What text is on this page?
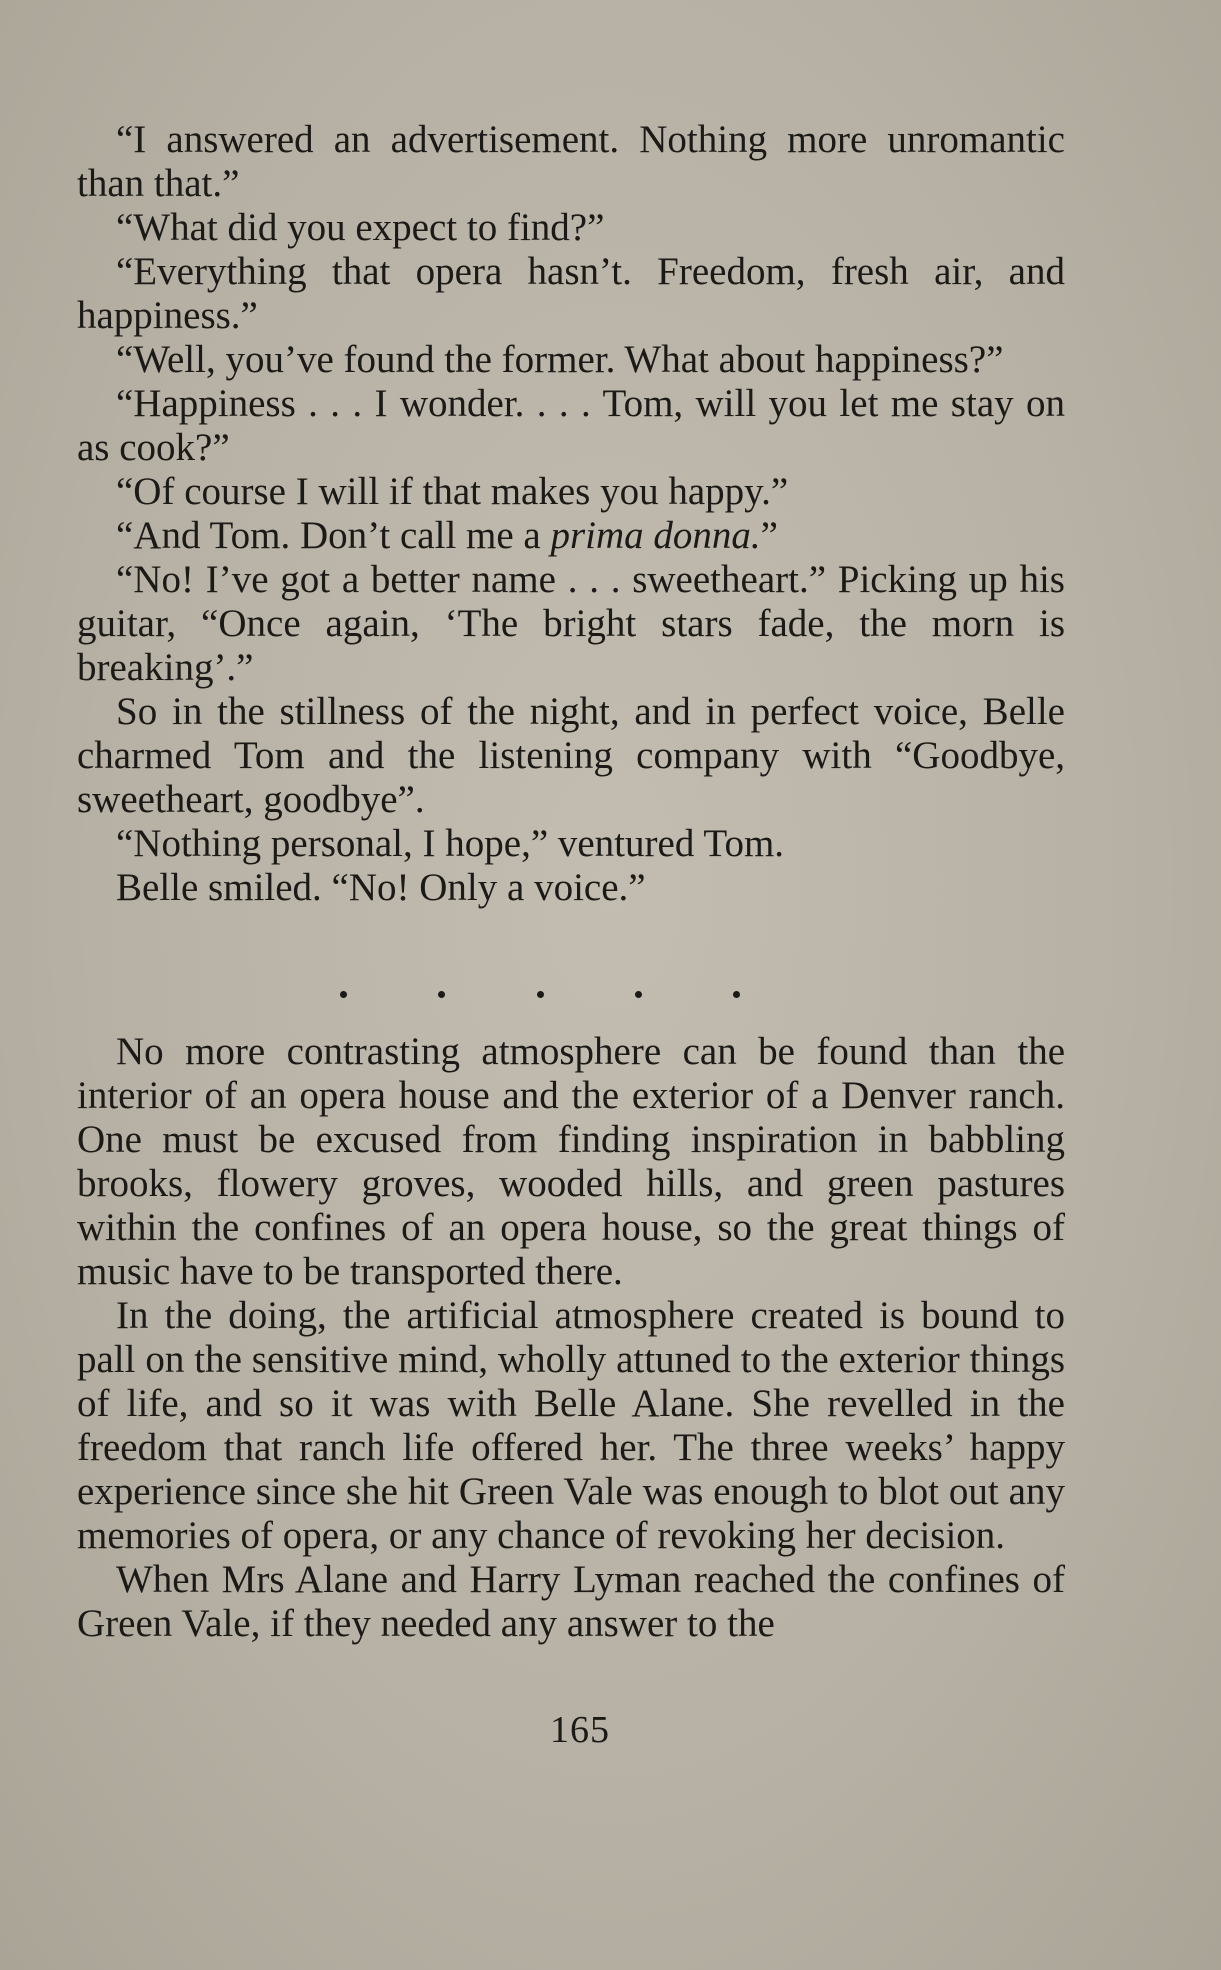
“I answered an advertisement. Nothing more unromantic than that.”

“What did you expect to find?”

“Everything that opera hasn’t. Freedom, fresh air, and happiness.”

“Well, you’ve found the former. What about happiness?”

“Happiness . . . I wonder. . . . Tom, will you let me stay on as cook?”

“Of course I will if that makes you happy.”

“And Tom. Don’t call me a prima donna.”

“No! I’ve got a better name . . . sweetheart.” Picking up his guitar, “Once again, ‘The bright stars fade, the morn is breaking’.”

So in the stillness of the night, and in perfect voice, Belle charmed Tom and the listening company with “Goodbye, sweetheart, goodbye”.

“Nothing personal, I hope,” ventured Tom.

Belle smiled. “No! Only a voice.”

No more contrasting atmosphere can be found than the interior of an opera house and the exterior of a Denver ranch. One must be excused from finding inspiration in babbling brooks, flowery groves, wooded hills, and green pastures within the confines of an opera house, so the great things of music have to be transported there.

In the doing, the artificial atmosphere created is bound to pall on the sensitive mind, wholly attuned to the exterior things of life, and so it was with Belle Alane. She revelled in the freedom that ranch life offered her. The three weeks’ happy experience since she hit Green Vale was enough to blot out any memories of opera, or any chance of revoking her decision.

When Mrs Alane and Harry Lyman reached the confines of Green Vale, if they needed any answer to the

165
